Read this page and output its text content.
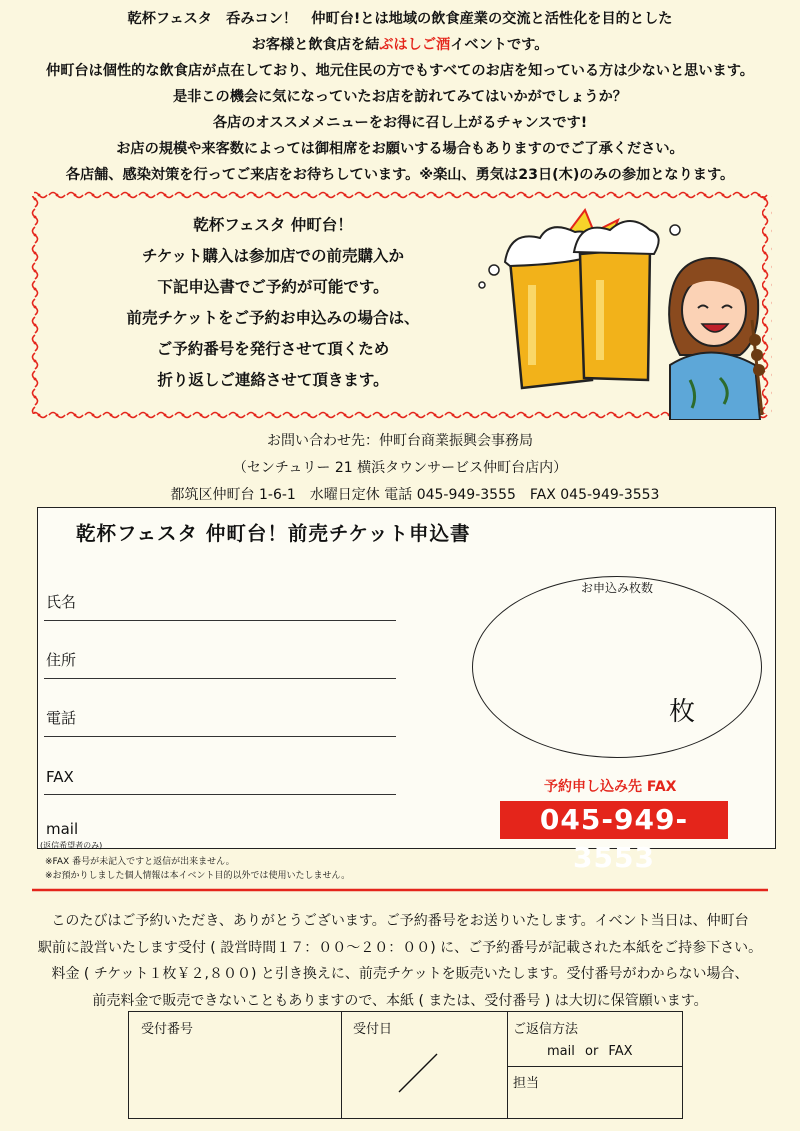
乾杯フェスタ　呑みコン！　仲町台!とは地域の飲食産業の交流と活性化を目的とした
お客様と飲食店を結ぶはしご酒イベントです。
仲町台は個性的な飲食店が点在しており、地元住民の方でもすべてのお店を知っている方は少ないと思います。
是非この機会に気になっていたお店を訪れてみてはいかがでしょうか？
各店のオススメメニューをお得に召し上がるチャンスです!
お店の規模や来客数によっては御相席をお願いする場合もありますのでご了承ください。
各店舗、感染対策を行ってご来店をお待ちしています。※楽山、勇気は23日(木)のみの参加となります。
乾杯フェスタ 仲町台！
チケット購入は参加店での前売購入か
下記申込書でご予約が可能です。
前売チケットをご予約お申込みの場合は、
ご予約番号を発行させて頂くため
折り返しご連絡させて頂きます。
お問い合わせ先：仲町台商業振興会事務局
（センチュリー 21 横浜タウンサービス仲町台店内）
都筑区仲町台 1-6-1　水曜日定休 電話 045-949-3555　FAX 045-949-3553
乾杯フェスタ 仲町台！前売チケット申込書
氏名
住所
電話
FAX
mail
(返信希望者のみ)
お申込み枚数
枚
予約申し込み先 FAX
045-949-3553
※FAX 番号が未記入ですと返信が出来ません。
※お預かりしました個人情報は本イベント目的以外では使用いたしません。
このたびはご予約いただき、ありがとうございます。ご予約番号をお送りいたします。イベント当日は、仲町台
駅前に設営いたします受付 ( 設営時間１７：００～２０：００) に、ご予約番号が記載された本紙をご持参下さい。
料金 ( チケット１枚￥２,８００) と引き換えに、前売チケットを販売いたします。受付番号がわからない場合、
前売料金で販売できないこともありますので、本紙 ( または、受付番号 ) は大切に保管願います。
受付番号	受付日	ご返信方法
mail or FAX
担当
